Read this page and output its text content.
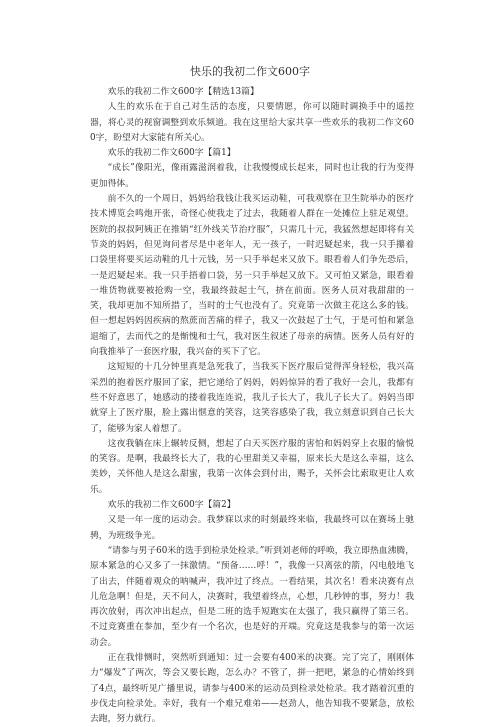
快乐的我初二作文600字

欢乐的我初二作文600字【精选13篇】

人生的欢乐在于自己对生活的态度，只要情愿，你可以随时调换手中的遥控器，将心灵的视窗调整到欢乐频道。我在这里给大家共享一些欢乐的我初二作文600字，盼望对大家能有所关心。

欢乐的我初二作文600字【篇1】

“成长”像阳光，像雨露滋润着我，让我慢慢成长起来，同时也让我的行为变得更加得体。

前不久的一个周日，妈妈给我钱让我买运动鞋，可我观察在卫生院举办的医疗技术博览会鸣炮开张，奇怪心使我走了过去，我随着人群在一处摊位上驻足观望。医院的叔叔阿姨正在推销“红外线关节治疗服”，只需几十元，我猛然想起即将有关节炎的妈妈，但见询问者尽是中老年人，无一孩子，一时迟疑起来，我一只手攥着口袋里将要买运动鞋的几十元钱，另一只手举起来又放下。眼看着人们争先恐后，一是迟疑起来。我一只手捂着口袋，另一只手举起又放下。又可怕又紧急，眼看着一堆货物就要被抢购一空，我最终鼓起士气，挤在前面。医务人员对我甜甜的一笑，我却更加不知所措了，当时的士气也没有了。究竟第一次做主花这么多的钱。但一想起妈妈因疾病的熬蔗而苦痛的样子，我又一次鼓起了士气，于是可怕和紧急退缩了，去而代之的是惭愧和士气，我对医生叙述了母亲的病情。医务人员有好的向我推举了一套医疗服，我兴奋的买下了它。

这短短的十几分钟里真是急死我了，当我买下医疗服后觉得浑身轻松，我兴高采烈的抱着医疗服回了家，把它递给了妈妈，妈妈惊异的看了我好一会儿，我都有些不好意思了，她感动的搂着我连连说，我儿子长大了，我儿子长大了。妈妈当即就穿上了医疗服，脸上露出惬意的笑容，这笑容感染了我，我立刻意识到自己长大了，能够为家人着想了。

这夜我躺在床上辗转反侧，想起了白天买医疗服的害怕和妈妈穿上衣服的愉悦的笑容。是啊，我最终长大了，我的心里甜美又幸福，原来长大是这么幸福，这么美妙，关怀他人是这么甜蜜，我第一次体会到付出，赐予，关怀会比索取更让人欢乐。

欢乐的我初二作文600字【篇2】

又是一年一度的运动会。我梦寐以求的时刻最终来临，我最终可以在赛场上驰骋，为班级争光。

“请参与男子60米的选手到检录处检录。”听到刘老师的呼唤，我立即热血沸腾，原本紧急的心又多了一抹激情。“预备……呼！”，我像一只离弦的箭，闪电般地飞了出去，伴随着观众的呐喊声，我冲过了终点。一看结果，其次名！看来决赛有点儿危急啊！但是，天不问人，决赛时，我望着终点，心想，几秒钟的事，努力！我再次放射，再次冲出起点，但是二班的选手短跑实在太强了，我只赢得了第三名。不过竞赛重在参加，至少有一个名次，也是好的开端。究竟这是我参与的第一次运动会。

正在我悱恻时，突然听到通知：过一会要有400米的决赛。完了完了，刚刚体力“爆发”了两次，等会又要长跑，怎么办？不管了，拼一把吧，紧急的心情始终到了4点，最终听见广播里说，请参与400米的运动员到检录处检录。我才踏着沉重的步伐走向检录处。幸好，我有一个难兄难弟——赵劲人，他告知我不要紧急，放松去跑，努力就行。
